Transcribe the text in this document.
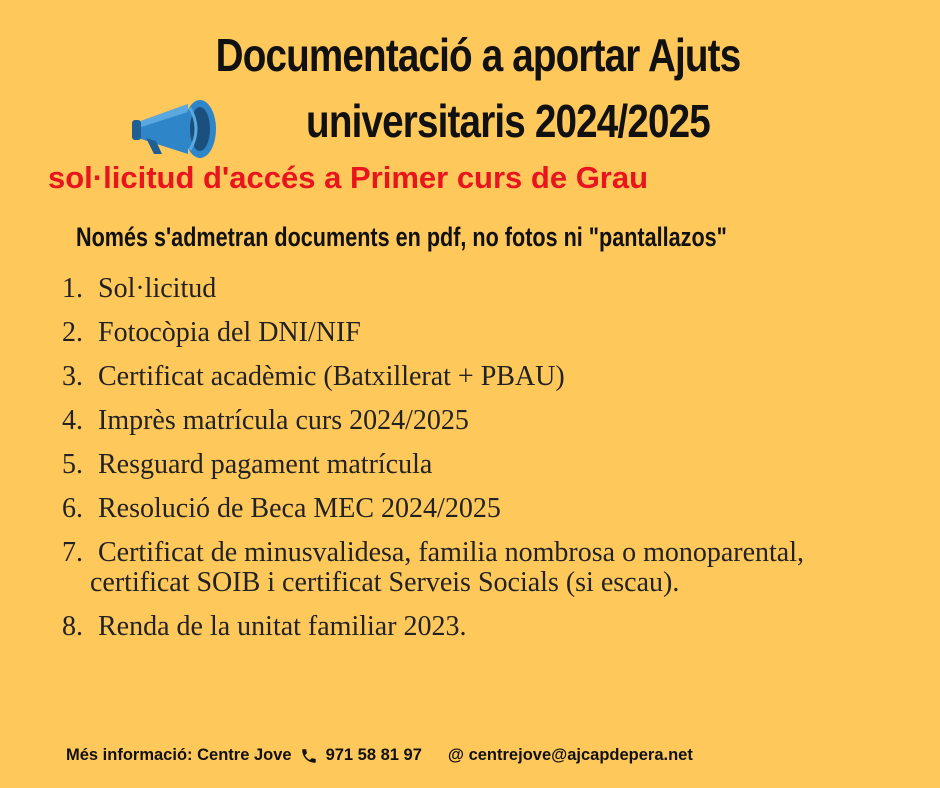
Documentació a aportar Ajuts
universitaris 2024/2025
sol·licitud d'accés a Primer curs de Grau
Només s'admetran documents en pdf, no fotos ni "pantallazos"
1. Sol·licitud
2. Fotocòpia del DNI/NIF
3. Certificat acadèmic (Batxillerat + PBAU)
4. Imprès matrícula curs 2024/2025
5. Resguard pagament matrícula
6. Resolució de Beca MEC 2024/2025
7. Certificat de minusvalidesa, familia nombrosa o monoparental, certificat SOIB i certificat Serveis Socials (si escau).
8. Renda de la unitat familiar 2023.
Més informació: Centre Jove 971 58 81 97 @ centrejove@ajcapdepera.net
